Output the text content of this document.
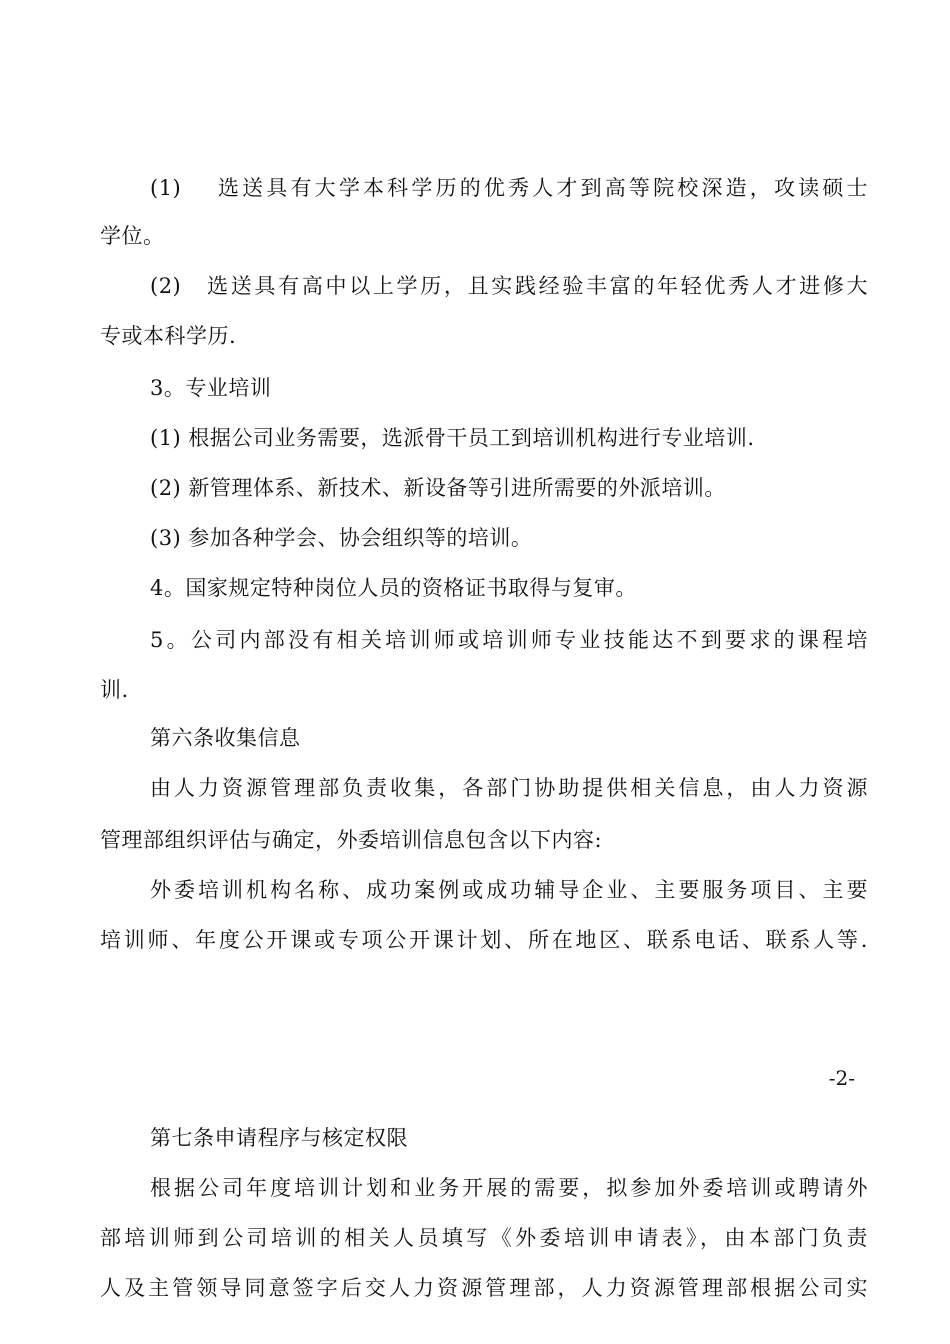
(1)　 选送具有大学本科学历的优秀人才到高等院校深造，攻读硕士
学位。
(2)　选送具有高中以上学历，且实践经验丰富的年轻优秀人才进修大
专或本科学历.
3。专业培训
(1) 根据公司业务需要，选派骨干员工到培训机构进行专业培训.
(2) 新管理体系、新技术、新设备等引进所需要的外派培训。
(3) 参加各种学会、协会组织等的培训。
4。国家规定特种岗位人员的资格证书取得与复审。
5。公司内部没有相关培训师或培训师专业技能达不到要求的课程培
训.
第六条收集信息
由人力资源管理部负责收集，各部门协助提供相关信息，由人力资源
管理部组织评估与确定，外委培训信息包含以下内容:
外委培训机构名称、成功案例或成功辅导企业、主要服务项目、主要
培训师、年度公开课或专项公开课计划、所在地区、联系电话、联系人等.
-2-
第七条申请程序与核定权限
根据公司年度培训计划和业务开展的需要，拟参加外委培训或聘请外
部培训师到公司培训的相关人员填写《外委培训申请表》，由本部门负责
人及主管领导同意签字后交人力资源管理部，人力资源管理部根据公司实
